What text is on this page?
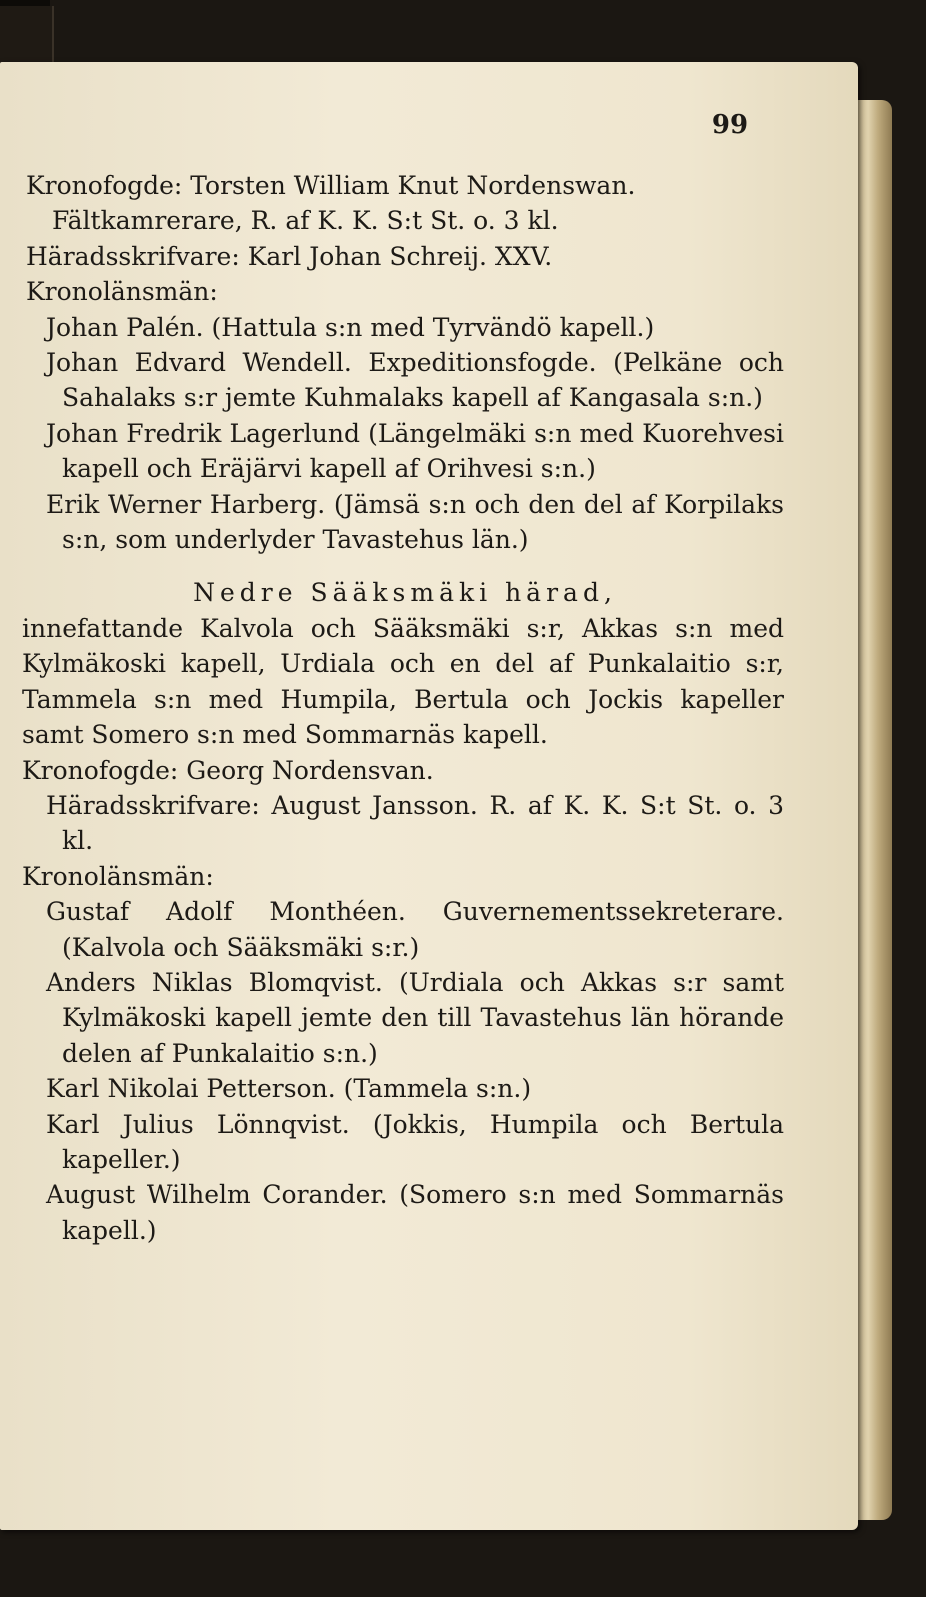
99

Kronofogde: Torsten William Knut Nordenswan.

Fältkamrerare, R. af K. K. S:t St. o. 3 kl.

Häradsskrifvare: Karl Johan Schreij. XXV.

Kronolänsmän:

Johan Palén. (Hattula s:n med Tyrvändö kapell.)

Johan Edvard Wendell. Expeditionsfogde. (Pelkäne och Sahalaks s:r jemte Kuhmalaks kapell af Kangasala s:n.)

Johan Fredrik Lagerlund (Längelmäki s:n med Kuorehvesi kapell och Eräjärvi kapell af Orihvesi s:n.)

Erik Werner Harberg. (Jämsä s:n och den del af Korpilaks s:n, som underlyder Tavastehus län.)

Nedre Sääksmäki härad,

innefattande Kalvola och Sääksmäki s:r, Akkas s:n med Kylmäkoski kapell, Urdiala och en del af Punkalaitio s:r, Tammela s:n med Humpila, Bertula och Jockis kapeller samt Somero s:n med Sommarnäs kapell.

Kronofogde: Georg Nordensvan.

Häradsskrifvare: August Jansson. R. af K. K. S:t St. o. 3 kl.

Kronolänsmän:

Gustaf Adolf Monthéen. Guvernementssekreterare. (Kalvola och Sääksmäki s:r.)

Anders Niklas Blomqvist. (Urdiala och Akkas s:r samt Kylmäkoski kapell jemte den till Tavastehus län hörande delen af Punkalaitio s:n.)

Karl Nikolai Petterson. (Tammela s:n.)

Karl Julius Lönnqvist. (Jokkis, Humpila och Bertula kapeller.)

August Wilhelm Corander. (Somero s:n med Sommarnäs kapell.)
